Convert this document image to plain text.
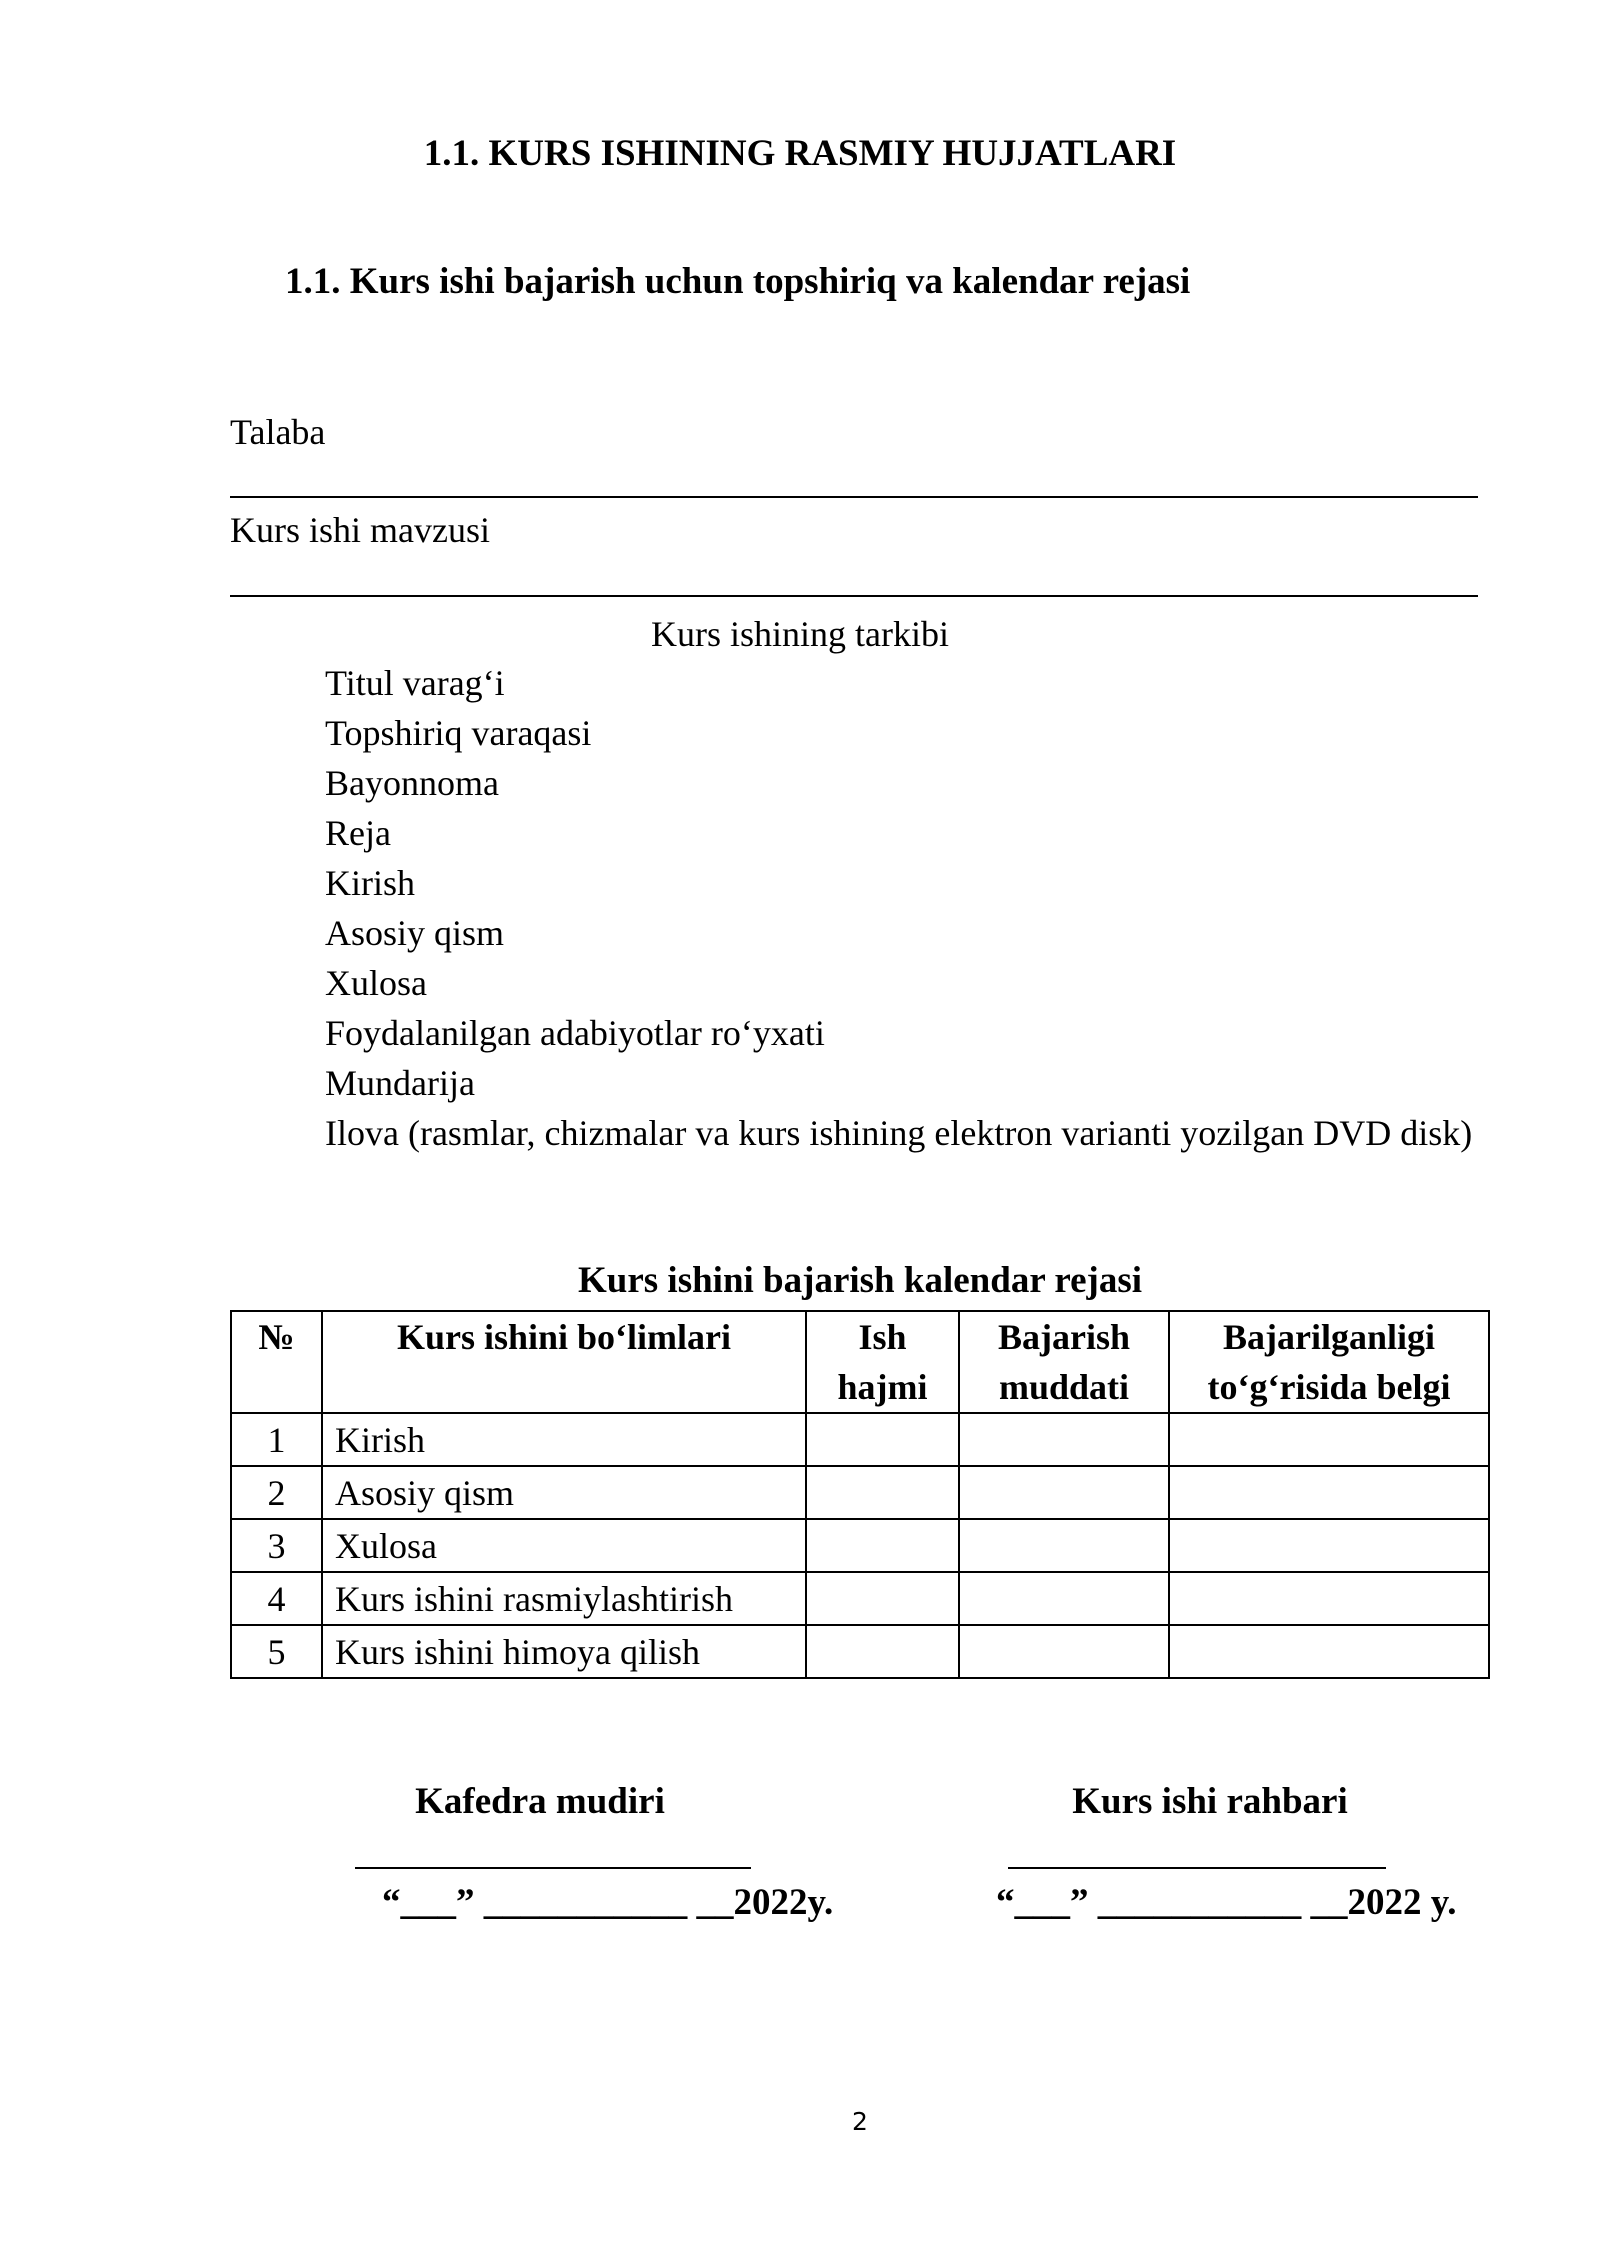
1.1. KURS ISHINING RASMIY HUJJATLARI
1.1. Kurs ishi bajarish uchun topshiriq va kalendar rejasi
Talaba
Kurs ishi mavzusi
Kurs ishining tarkibi
Titul varag‘i
Topshiriq varaqasi
Bayonnoma
Reja
Kirish
Asosiy qism
Xulosa
Foydalanilgan adabiyotlar ro‘yxati
Mundarija
Ilova (rasmlar, chizmalar va kurs ishining elektron varianti yozilgan DVD disk)
Kurs ishini bajarish kalendar rejasi
№	Kurs ishini bo‘limlari	Ish hajmi	Bajarish muddati	Bajarilganligi to‘g‘risida belgi
1	Kirish			
2	Asosiy qism			
3	Xulosa			
4	Kurs ishini rasmiylashtirish			
5	Kurs ishini himoya qilish			
Kafedra mudiri
“___” ___________ __2022y.
Kurs ishi rahbari
“___” ___________ __2022 y.
2
